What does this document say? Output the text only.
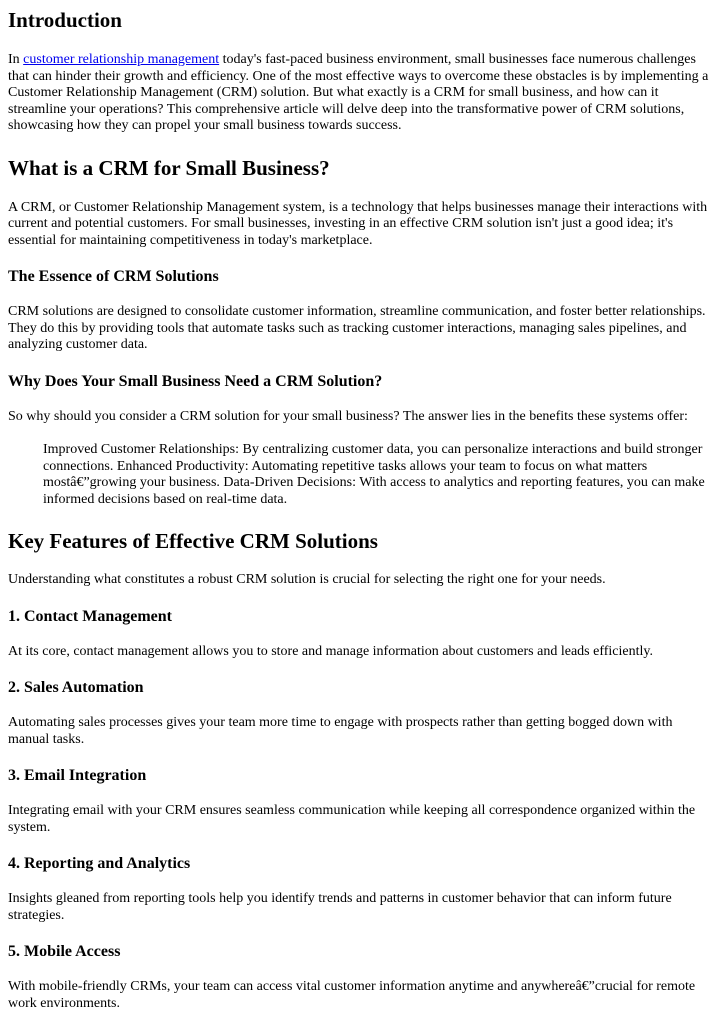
Introduction

In customer relationship management today's fast-paced business environment, small businesses face numerous challenges that can hinder their growth and efficiency. One of the most effective ways to overcome these obstacles is by implementing a Customer Relationship Management (CRM) solution. But what exactly is a CRM for small business, and how can it streamline your operations? This comprehensive article will delve deep into the transformative power of CRM solutions, showcasing how they can propel your small business towards success.

What is a CRM for Small Business?

A CRM, or Customer Relationship Management system, is a technology that helps businesses manage their interactions with current and potential customers. For small businesses, investing in an effective CRM solution isn't just a good idea; it's essential for maintaining competitiveness in today's marketplace.

The Essence of CRM Solutions

CRM solutions are designed to consolidate customer information, streamline communication, and foster better relationships. They do this by providing tools that automate tasks such as tracking customer interactions, managing sales pipelines, and analyzing customer data.

Why Does Your Small Business Need a CRM Solution?

So why should you consider a CRM solution for your small business? The answer lies in the benefits these systems offer:

Improved Customer Relationships: By centralizing customer data, you can personalize interactions and build stronger connections. Enhanced Productivity: Automating repetitive tasks allows your team to focus on what matters mostâ€”growing your business. Data-Driven Decisions: With access to analytics and reporting features, you can make informed decisions based on real-time data.
Key Features of Effective CRM Solutions

Understanding what constitutes a robust CRM solution is crucial for selecting the right one for your needs.

1. Contact Management

At its core, contact management allows you to store and manage information about customers and leads efficiently.

2. Sales Automation

Automating sales processes gives your team more time to engage with prospects rather than getting bogged down with manual tasks.

3. Email Integration

Integrating email with your CRM ensures seamless communication while keeping all correspondence organized within the system.

4. Reporting and Analytics

Insights gleaned from reporting tools help you identify trends and patterns in customer behavior that can inform future strategies.

5. Mobile Access

With mobile-friendly CRMs, your team can access vital customer information anytime and anywhereâ€”crucial for remote work environments.
